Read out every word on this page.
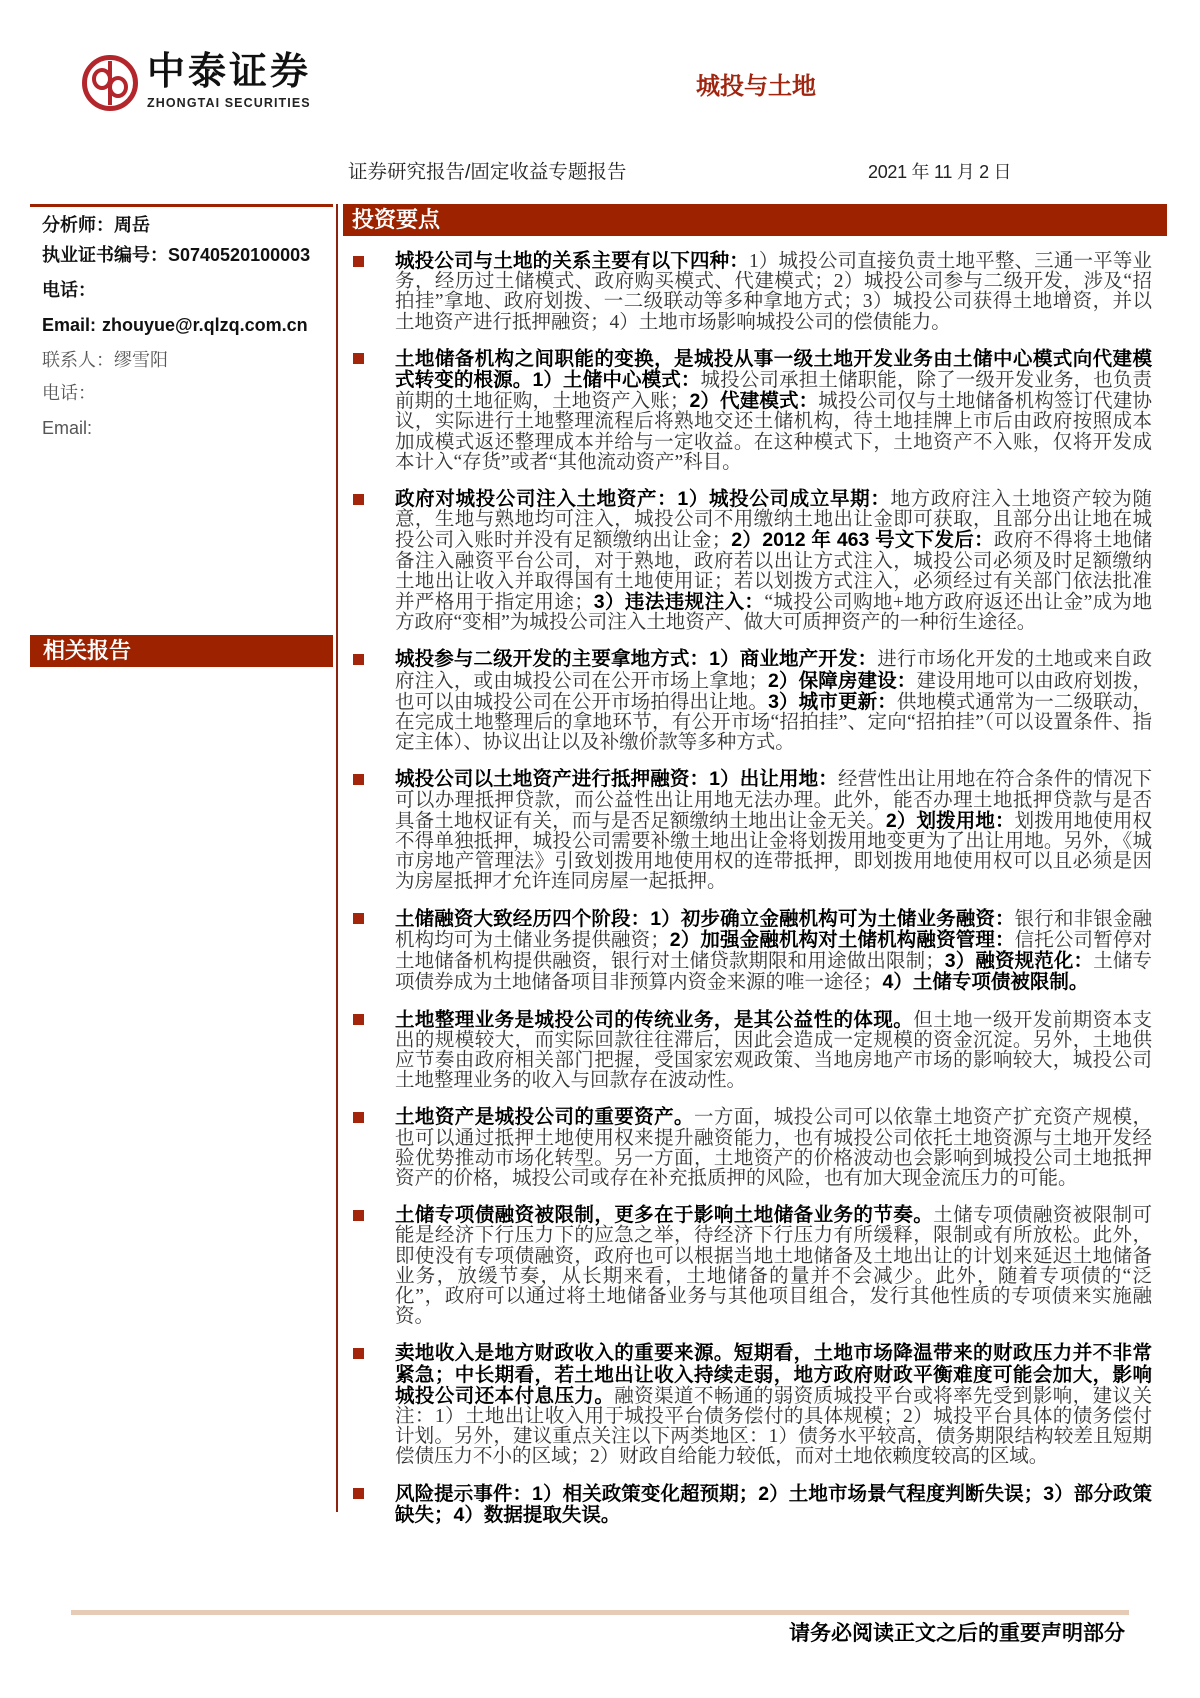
中泰证券
ZHONGTAI SECURITIES
城投与土地
证券研究报告/固定收益专题报告	2021 年 11 月 2 日
分析师：周岳
执业证书编号：S0740520100003
电话：
Email: zhouyue@r.qlzq.com.cn
联系人：缪雪阳
电话：
Email:
相关报告
投资要点
城投公司与土地的关系主要有以下四种：1）城投公司直接负责土地平整、三通一平等业务，经历过土储模式、政府购买模式、代建模式；2）城投公司参与二级开发，涉及“招拍挂”拿地、政府划拨、一二级联动等多种拿地方式；3）城投公司获得土地增资，并以土地资产进行抵押融资；4）土地市场影响城投公司的偿债能力。
土地储备机构之间职能的变换，是城投从事一级土地开发业务由土储中心模式向代建模式转变的根源。1）土储中心模式：城投公司承担土储职能，除了一级开发业务，也负责前期的土地征购，土地资产入账；2）代建模式：城投公司仅与土地储备机构签订代建协议，实际进行土地整理流程后将熟地交还土储机构，待土地挂牌上市后由政府按照成本加成模式返还整理成本并给与一定收益。在这种模式下，土地资产不入账，仅将开发成本计入“存货”或者“其他流动资产”科目。
政府对城投公司注入土地资产：1）城投公司成立早期：地方政府注入土地资产较为随意，生地与熟地均可注入，城投公司不用缴纳土地出让金即可获取，且部分出让地在城投公司入账时并没有足额缴纳出让金；2）2012 年 463 号文下发后：政府不得将土地储备注入融资平台公司，对于熟地，政府若以出让方式注入，城投公司必须及时足额缴纳土地出让收入并取得国有土地使用证；若以划拨方式注入，必须经过有关部门依法批准并严格用于指定用途；3）违法违规注入：“城投公司购地+地方政府返还出让金”成为地方政府“变相”为城投公司注入土地资产、做大可质押资产的一种衍生途径。
城投参与二级开发的主要拿地方式：1）商业地产开发：进行市场化开发的土地或来自政府注入，或由城投公司在公开市场上拿地；2）保障房建设：建设用地可以由政府划拨，也可以由城投公司在公开市场拍得出让地。3）城市更新：供地模式通常为一二级联动，在完成土地整理后的拿地环节，有公开市场“招拍挂”、定向“招拍挂”（可以设置条件、指定主体）、协议出让以及补缴价款等多种方式。
城投公司以土地资产进行抵押融资：1）出让用地：经营性出让用地在符合条件的情况下可以办理抵押贷款，而公益性出让用地无法办理。此外，能否办理土地抵押贷款与是否具备土地权证有关，而与是否足额缴纳土地出让金无关。2）划拨用地：划拨用地使用权不得单独抵押，城投公司需要补缴土地出让金将划拨用地变更为了出让用地。另外，《城市房地产管理法》引致划拨用地使用权的连带抵押，即划拨用地使用权可以且必须是因为房屋抵押才允许连同房屋一起抵押。
土储融资大致经历四个阶段：1）初步确立金融机构可为土储业务融资：银行和非银金融机构均可为土储业务提供融资；2）加强金融机构对土储机构融资管理：信托公司暂停对土地储备机构提供融资，银行对土储贷款期限和用途做出限制；3）融资规范化：土储专项债券成为土地储备项目非预算内资金来源的唯一途径；4）土储专项债被限制。
土地整理业务是城投公司的传统业务，是其公益性的体现。但土地一级开发前期资本支出的规模较大，而实际回款往往滞后，因此会造成一定规模的资金沉淀。另外，土地供应节奏由政府相关部门把握，受国家宏观政策、当地房地产市场的影响较大，城投公司土地整理业务的收入与回款存在波动性。
土地资产是城投公司的重要资产。一方面，城投公司可以依靠土地资产扩充资产规模，也可以通过抵押土地使用权来提升融资能力，也有城投公司依托土地资源与土地开发经验优势推动市场化转型。另一方面，土地资产的价格波动也会影响到城投公司土地抵押资产的价格，城投公司或存在补充抵质押的风险，也有加大现金流压力的可能。
土储专项债融资被限制，更多在于影响土地储备业务的节奏。土储专项债融资被限制可能是经济下行压力下的应急之举，待经济下行压力有所缓释，限制或有所放松。此外，即使没有专项债融资，政府也可以根据当地土地储备及土地出让的计划来延迟土地储备业务，放缓节奏，从长期来看，土地储备的量并不会减少。此外，随着专项债的“泛化”，政府可以通过将土地储备业务与其他项目组合，发行其他性质的专项债来实施融资。
卖地收入是地方财政收入的重要来源。短期看，土地市场降温带来的财政压力并不非常紧急；中长期看，若土地出让收入持续走弱，地方政府财政平衡难度可能会加大，影响城投公司还本付息压力。融资渠道不畅通的弱资质城投平台或将率先受到影响，建议关注：1）土地出让收入用于城投平台债务偿付的具体规模；2）城投平台具体的债务偿付计划。另外，建议重点关注以下两类地区：1）债务水平较高，债务期限结构较差且短期偿债压力不小的区域；2）财政自给能力较低，而对土地依赖度较高的区域。
风险提示事件：1）相关政策变化超预期；2）土地市场景气程度判断失误；3）部分政策缺失；4）数据提取失误。
请务必阅读正文之后的重要声明部分
